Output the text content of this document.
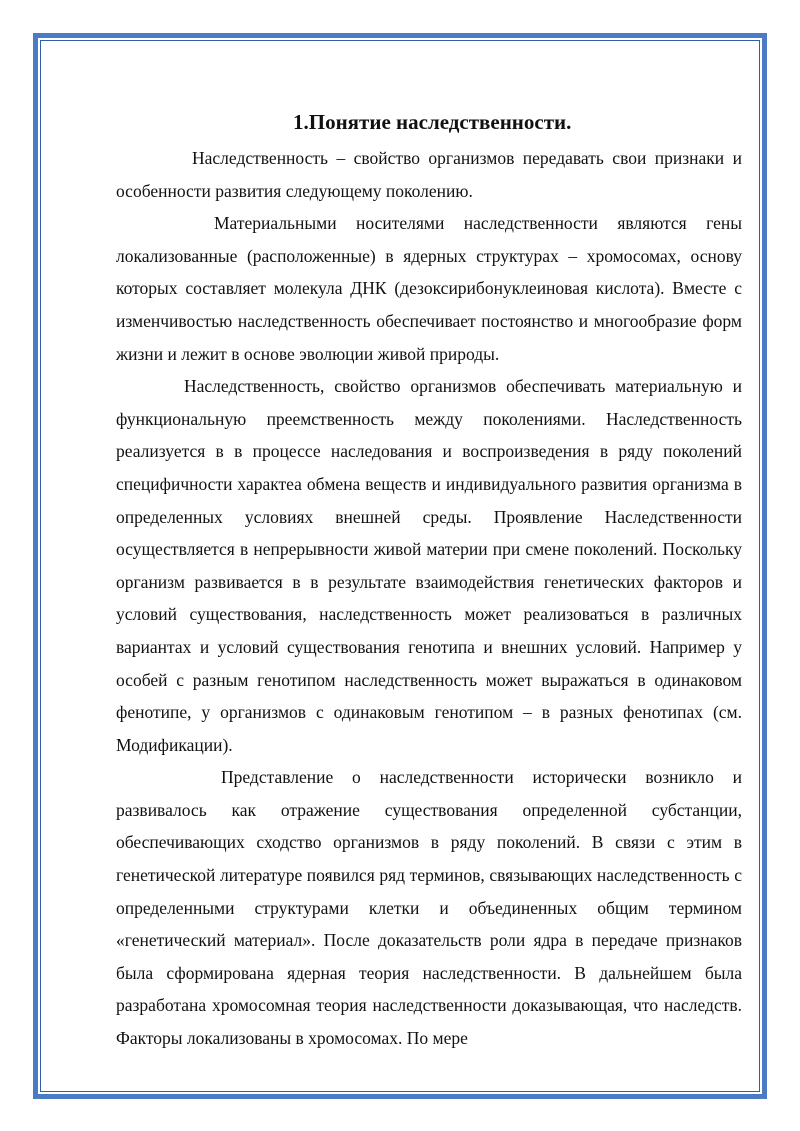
1.Понятие наследственности.

Наследственность – свойство организмов передавать свои признаки и особенности развития следующему поколению.

Материальными носителями наследственности являются гены локализованные (расположенные) в ядерных структурах – хромосомах, основу которых составляет молекула ДНК (дезоксирибонуклеиновая кислота). Вместе с изменчивостью наследственность обеспечивает постоянство и многообразие форм жизни и лежит в основе эволюции живой природы.

Наследственность, свойство организмов обеспечивать материальную и функциональную преемственность между поколениями. Наследственность реализуется в в процессе наследования и воспроизведения в ряду поколений специфичности характеа обмена веществ и индивидуального развития организма в определенных условиях внешней среды. Проявление Наследственности осуществляется в непрерывности живой материи при смене поколений. Поскольку организм развивается в в результате взаимодействия генетических факторов и условий существования, наследственность может реализоваться в различных вариантах и условий существования генотипа и внешних условий. Например у особей с разным генотипом наследственность может выражаться в одинаковом фенотипе, у организмов с одинаковым генотипом – в разных фенотипах (см. Модификации).

Представление о наследственности исторически возникло и развивалось как отражение существования определенной субстанции, обеспечивающих сходство организмов в ряду поколений. В связи с этим в генетической литературе появился ряд терминов, связывающих наследственность с определенными структурами клетки и объединенных общим термином «генетический материал». После доказательств роли ядра в передаче признаков была сформирована ядерная теория наследственности. В дальнейшем была разработана хромосомная теория наследственности доказывающая, что наследств. Факторы локализованы в хромосомах. По мере
